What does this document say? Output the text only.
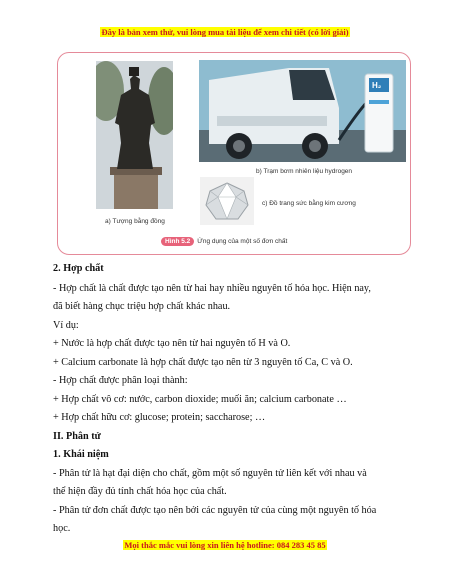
Đây là bản xem thử, vui lòng mua tài liệu để xem chi tiết (có lời giải)
H₂
a) Tượng bằng đồng
b) Trạm bơm nhiên liệu hydrogen
c) Đồ trang sức bằng kim cương
Hình 5.2 Ứng dụng của một số đơn chất
2. Hợp chất
- Hợp chất là chất được tạo nên từ hai hay nhiều nguyên tố hóa học. Hiện nay,
đã biết hàng chục triệu hợp chất khác nhau.
Ví dụ:
+ Nước là hợp chất được tạo nên từ hai nguyên tố H và O.
+ Calcium carbonate là hợp chất được tạo nên từ 3 nguyên tố Ca, C và O.
- Hợp chất được phân loại thành:
+ Hợp chất vô cơ: nước, carbon dioxide; muối ăn; calcium carbonate …
+ Hợp chất hữu cơ: glucose; protein; saccharose; …
II. Phân tử
1. Khái niệm
- Phân tử là hạt đại diện cho chất, gồm một số nguyên tử liên kết với nhau và
thể hiện đầy đủ tính chất hóa học của chất.
- Phân tử đơn chất được tạo nên bởi các nguyên tử của cùng một nguyên tố hóa
học.
Mọi thắc mắc vui lòng xin liên hệ hotline: 084 283 45 85
